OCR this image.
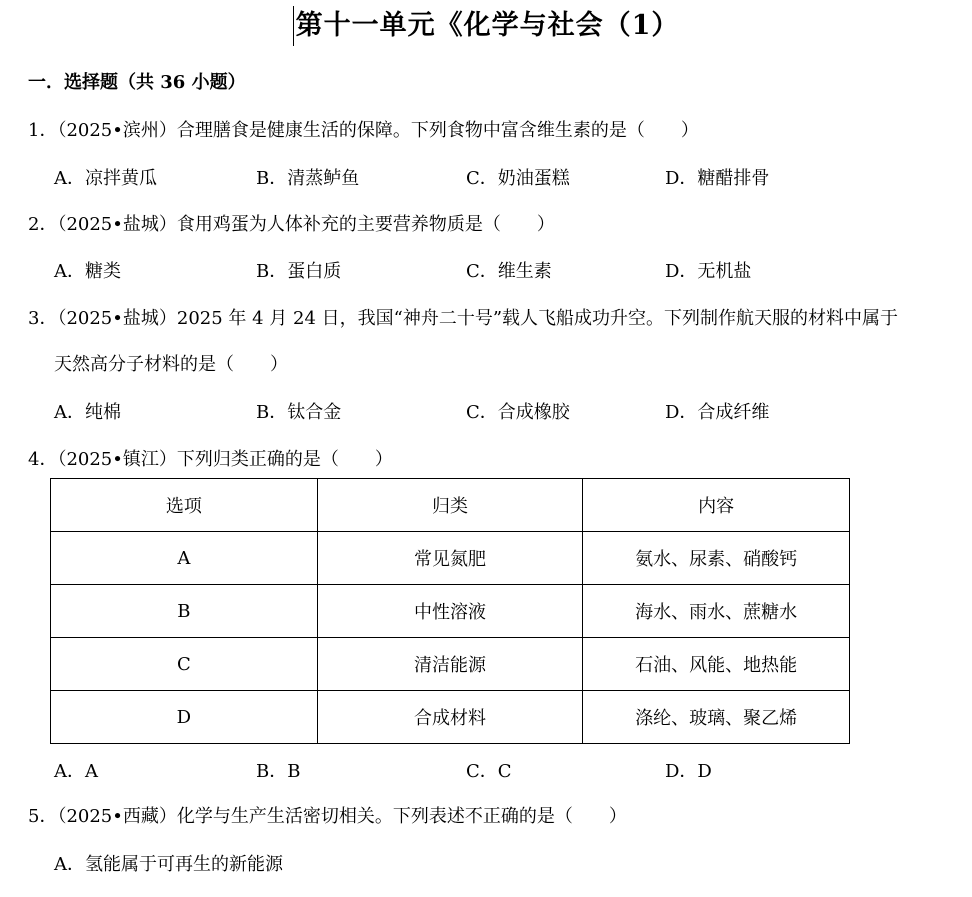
第十一单元《化学与社会（1）
一．选择题（共 36 小题）
1．（2025•滨州）合理膳食是健康生活的保障。下列食物中富含维生素的是（　　）
A．凉拌黄瓜	B．清蒸鲈鱼	C．奶油蛋糕	D．糖醋排骨
2．（2025•盐城）食用鸡蛋为人体补充的主要营养物质是（　　）
A．糖类	B．蛋白质	C．维生素	D．无机盐
3．（2025•盐城）2025 年 4 月 24 日，我国“神舟二十号”载人飞船成功升空。下列制作航天服的材料中属于
天然高分子材料的是（　　）
A．纯棉	B．钛合金	C．合成橡胶	D．合成纤维
4．（2025•镇江）下列归类正确的是（　　）
选项	归类	内容
A	常见氮肥	氨水、尿素、硝酸钙
B	中性溶液	海水、雨水、蔗糖水
C	清洁能源	石油、风能、地热能
D	合成材料	涤纶、玻璃、聚乙烯
A．A	B．B	C．C	D．D
5．（2025•西藏）化学与生产生活密切相关。下列表述不正确的是（　　）
A．氢能属于可再生的新能源
